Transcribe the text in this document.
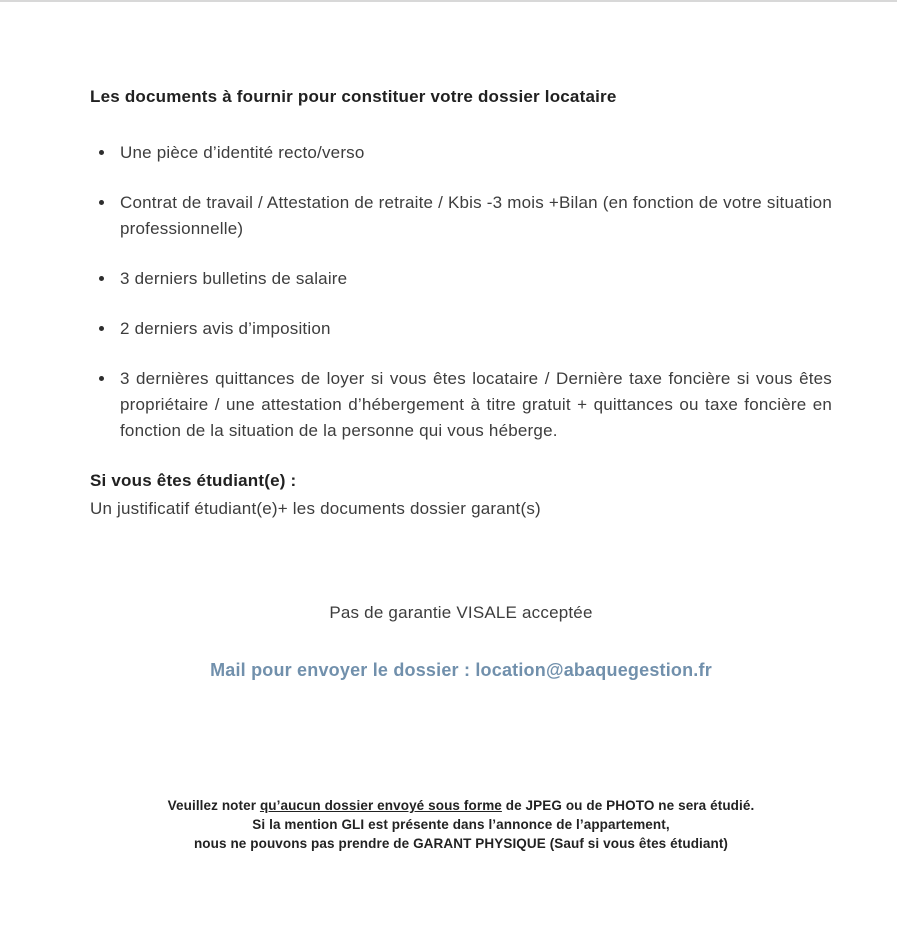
Les documents à fournir pour constituer votre dossier locataire
Une pièce d’identité recto/verso
Contrat de travail / Attestation de retraite / Kbis -3 mois +Bilan (en fonction de votre situation professionnelle)
3 derniers bulletins de salaire
2 derniers avis d’imposition
3 dernières quittances de loyer si vous êtes locataire / Dernière taxe foncière si vous êtes propriétaire / une attestation d’hébergement à titre gratuit + quittances ou taxe foncière en fonction de la situation de la personne qui vous héberge.
Si vous êtes étudiant(e) :
Un justificatif étudiant(e)+ les documents dossier garant(s)
Pas de garantie VISALE acceptée
Mail pour envoyer le dossier : location@abaquegestion.fr
Veuillez noter qu’aucun dossier envoyé sous forme de JPEG ou de PHOTO ne sera étudié.
Si la mention GLI est présente dans l’annonce de l’appartement,
nous ne pouvons pas prendre de GARANT PHYSIQUE (Sauf si vous êtes étudiant)
